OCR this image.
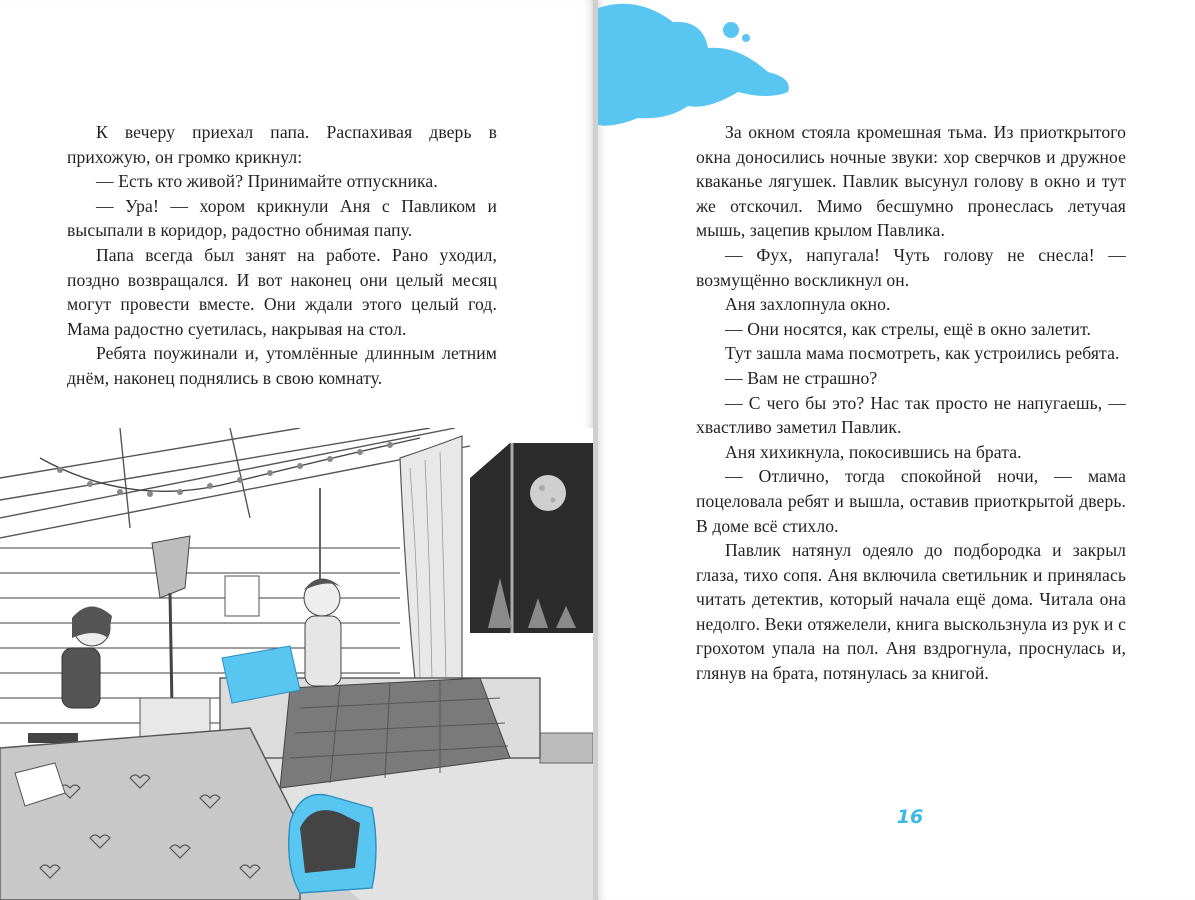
К вечеру приехал папа. Распахивая дверь в прихожую, он громко крикнул:

— Есть кто живой? Принимайте отпускника.

— Ура! — хором крикнули Аня с Павликом и высыпали в коридор, радостно обнимая папу.

Папа всегда был занят на работе. Рано уходил, поздно возвращался. И вот наконец они целый месяц могут провести вместе. Они ждали этого целый год. Мама радостно суетилась, накрывая на стол.

Ребята поужинали и, утомлённые длинным летним днём, наконец поднялись в свою комнату.

За окном стояла кромешная тьма. Из приоткрытого окна доносились ночные звуки: хор сверчков и дружное кваканье лягушек. Павлик высунул голову в окно и тут же отскочил. Мимо бесшумно пронеслась летучая мышь, зацепив крылом Павлика.

— Фух, напугала! Чуть голову не снесла! — возмущённо воскликнул он.

Аня захлопнула окно.

— Они носятся, как стрелы, ещё в окно залетит.

Тут зашла мама посмотреть, как устроились ребята.

— Вам не страшно?

— С чего бы это? Нас так просто не напугаешь, — хвастливо заметил Павлик.

Аня хихикнула, покосившись на брата.

— Отлично, тогда спокойной ночи, — мама поцеловала ребят и вышла, оставив приоткрытой дверь. В доме всё стихло.

Павлик натянул одеяло до подбородка и закрыл глаза, тихо сопя. Аня включила светильник и принялась читать детектив, который начала ещё дома. Читала она недолго. Веки отяжелели, книга выскользнула из рук и с грохотом упала на пол. Аня вздрогнула, проснулась и, глянув на брата, потянулась за книгой.

16
